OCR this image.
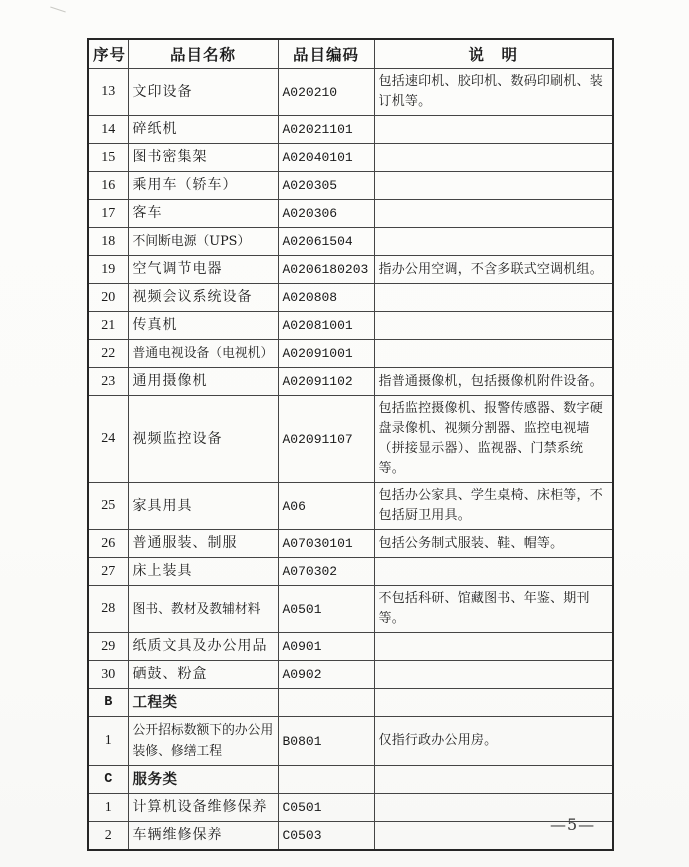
序号	品目名称	品目编码	说　明
13	文印设备	A020210	包括速印机、胶印机、数码印刷机、装订机等。
14	碎纸机	A02021101	
15	图书密集架	A02040101	
16	乘用车（轿车）	A020305	
17	客车	A020306	
18	不间断电源（UPS）	A02061504	
19	空气调节电器	A0206180203	指办公用空调，不含多联式空调机组。
20	视频会议系统设备	A020808	
21	传真机	A02081001	
22	普通电视设备（电视机）	A02091001	
23	通用摄像机	A02091102	指普通摄像机，包括摄像机附件设备。
24	视频监控设备	A02091107	包括监控摄像机、报警传感器、数字硬盘录像机、视频分割器、监控电视墙（拼接显示器）、监视器、门禁系统等。
25	家具用具	A06	包括办公家具、学生桌椅、床柜等，不包括厨卫用具。
26	普通服装、制服	A07030101	包括公务制式服装、鞋、帽等。
27	床上装具	A070302	
28	图书、教材及教辅材料	A0501	不包括科研、馆藏图书、年鉴、期刊等。
29	纸质文具及办公用品	A0901	
30	硒鼓、粉盒	A0902	
B	工程类		
1	公开招标数额下的办公用装修、修缮工程	B0801	仅指行政办公用房。
C	服务类		
1	计算机设备维修保养	C0501	
2	车辆维修保养	C0503	
—5—
